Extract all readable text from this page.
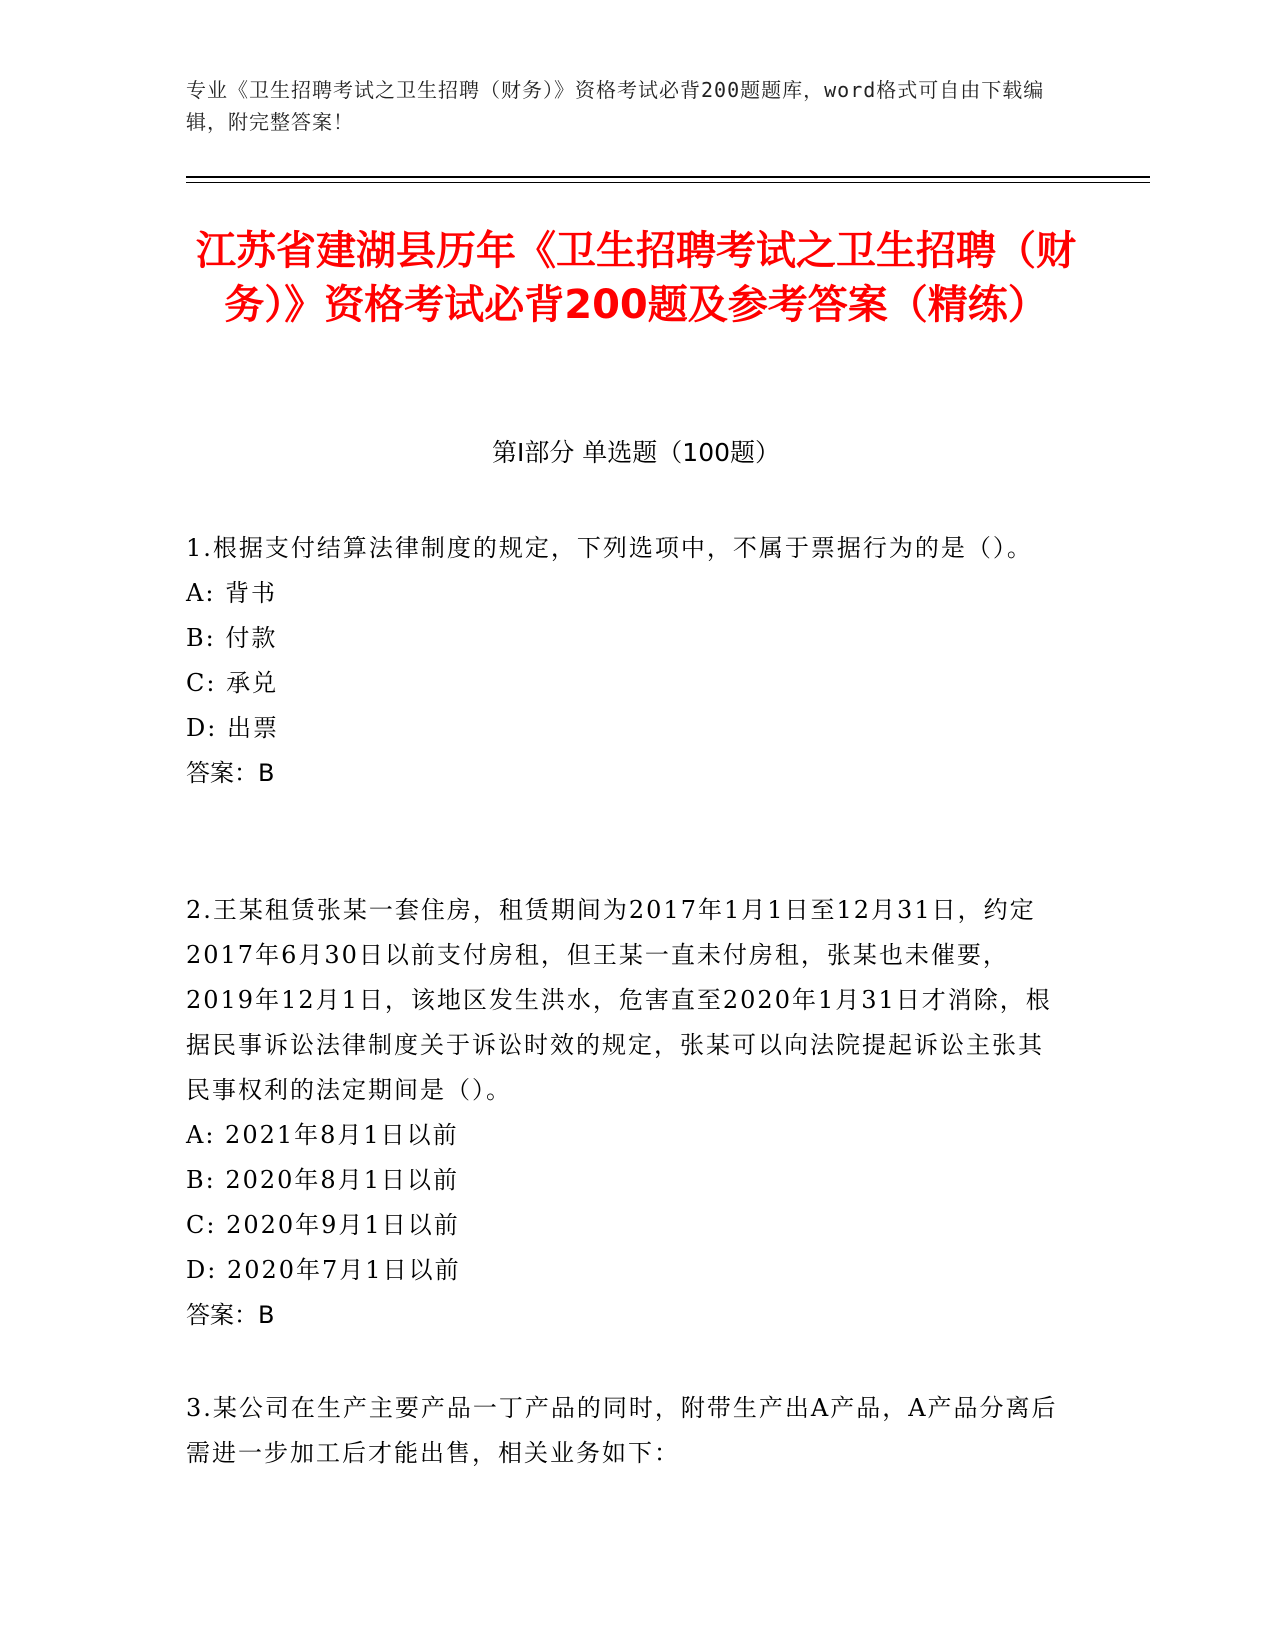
专业《卫生招聘考试之卫生招聘（财务）》资格考试必背200题题库，word格式可自由下载编辑，附完整答案！
江苏省建湖县历年《卫生招聘考试之卫生招聘（财务）》资格考试必背200题及参考答案（精练）
第Ⅰ部分 单选题（100题）

1.根据支付结算法律制度的规定，下列选项中，不属于票据行为的是（）。

A: 背书

B: 付款

C: 承兑

D: 出票

答案：B

2.王某租赁张某一套住房，租赁期间为2017年1月1日至12月31日，约定2017年6月30日以前支付房租，但王某一直未付房租，张某也未催要，2019年12月1日，该地区发生洪水，危害直至2020年1月31日才消除，根据民事诉讼法律制度关于诉讼时效的规定，张某可以向法院提起诉讼主张其民事权利的法定期间是（）。

A: 2021年8月1日以前

B: 2020年8月1日以前

C: 2020年9月1日以前

D: 2020年7月1日以前

答案：B

3.某公司在生产主要产品一丁产品的同时，附带生产出A产品，A产品分离后需进一步加工后才能出售，相关业务如下：
